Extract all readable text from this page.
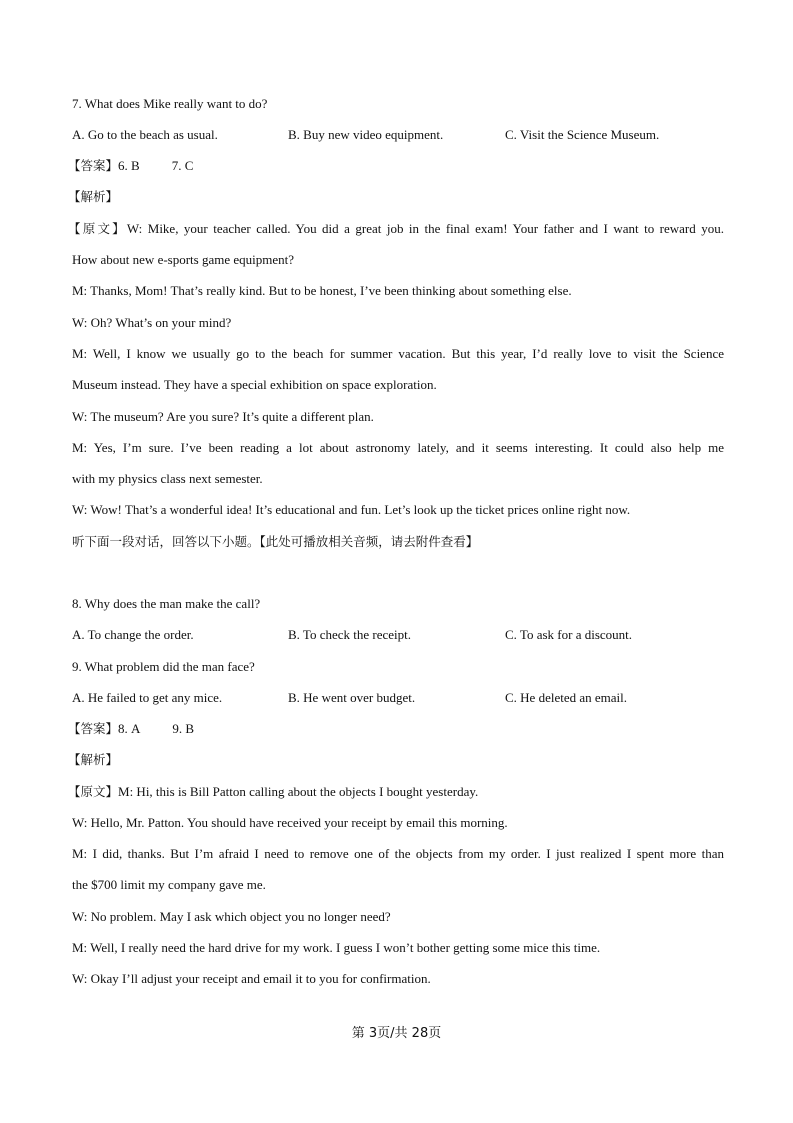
7. What does Mike really want to do?
A. Go to the beach as usual.	B. Buy new video equipment.	C. Visit the Science Museum.
【答案】6. B 7. C
【解析】
【原文】W: Mike, your teacher called. You did a great job in the final exam! Your father and I want to reward you.
How about new e-sports game equipment?
M: Thanks, Mom! That’s really kind. But to be honest, I’ve been thinking about something else.
W: Oh? What’s on your mind?
M: Well, I know we usually go to the beach for summer vacation. But this year, I’d really love to visit the Science
Museum instead. They have a special exhibition on space exploration.
W: The museum? Are you sure? It’s quite a different plan.
M: Yes, I’m sure. I’ve been reading a lot about astronomy lately, and it seems interesting. It could also help me
with my physics class next semester.
W: Wow! That’s a wonderful idea! It’s educational and fun. Let’s look up the ticket prices online right now.
听下面一段对话，回答以下小题。【此处可播放相关音频，请去附件查看】
8. Why does the man make the call?
A. To change the order.	B. To check the receipt.	C. To ask for a discount.
9. What problem did the man face?
A. He failed to get any mice.	B. He went over budget.	C. He deleted an email.
【答案】8. A 9. B
【解析】
【原文】M: Hi, this is Bill Patton calling about the objects I bought yesterday.
W: Hello, Mr. Patton. You should have received your receipt by email this morning.
M: I did, thanks. But I’m afraid I need to remove one of the objects from my order. I just realized I spent more than
the $700 limit my company gave me.
W: No problem. May I ask which object you no longer need?
M: Well, I really need the hard drive for my work. I guess I won’t bother getting some mice this time.
W: Okay I’ll adjust your receipt and email it to you for confirmation.
第 3页/共 28页
